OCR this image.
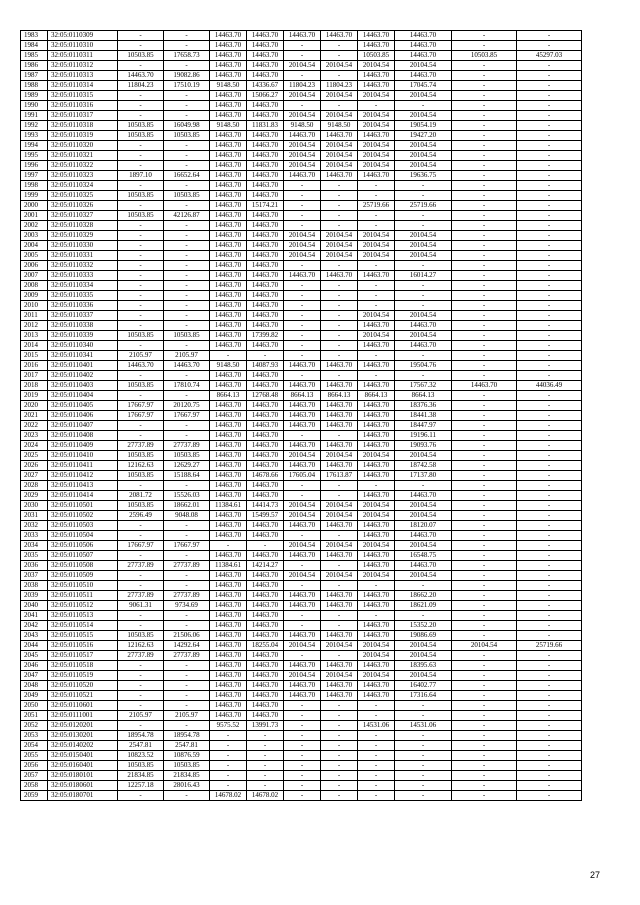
1983	32:05:0110309	-	-	14463.70	14463.70	14463.70	14463.70	14463.70	14463.70	-	-
1984	32:05:0110310	-	-	14463.70	14463.70	-	-	14463.70	14463.70	-	-
1985	32:05:0110311	10503.85	17658.73	14463.70	14463.70	-	-	10503.85	14463.70	10503.85	45297.03
1986	32:05:0110312	-	-	14463.70	14463.70	20104.54	20104.54	20104.54	20104.54	-	-
1987	32:05:0110313	14463.70	19082.86	14463.70	14463.70	-	-	14463.70	14463.70	-	-
1988	32:05:0110314	11804.23	17510.19	9148.50	14336.67	11804.23	11804.23	14463.70	17045.74	-	-
1989	32:05:0110315	-	-	14463.70	15066.27	20104.54	20104.54	20104.54	20104.54	-	-
1990	32:05:0110316	-	-	14463.70	14463.70	-	-	-	-	-	-
1991	32:05:0110317	-	-	14463.70	14463.70	20104.54	20104.54	20104.54	20104.54	-	-
1992	32:05:0110318	10503.85	16049.98	9148.50	11831.83	9148.50	9148.50	20104.54	19054.19	-	-
1993	32:05:0110319	10503.85	10503.85	14463.70	14463.70	14463.70	14463.70	14463.70	19427.20	-	-
1994	32:05:0110320	-	-	14463.70	14463.70	20104.54	20104.54	20104.54	20104.54	-	-
1995	32:05:0110321	-	-	14463.70	14463.70	20104.54	20104.54	20104.54	20104.54	-	-
1996	32:05:0110322	-	-	14463.70	14463.70	20104.54	20104.54	20104.54	20104.54	-	-
1997	32:05:0110323	1897.10	16652.64	14463.70	14463.70	14463.70	14463.70	14463.70	19636.75	-	-
1998	32:05:0110324	-	-	14463.70	14463.70	-	-	-	-	-	-
1999	32:05:0110325	10503.85	10503.85	14463.70	14463.70	-	-	-	-	-	-
2000	32:05:0110326	-	-	14463.70	15174.21	-	-	25719.66	25719.66	-	-
2001	32:05:0110327	10503.85	42126.87	14463.70	14463.70	-	-	-	-	-	-
2002	32:05:0110328	-	-	14463.70	14463.70	-	-	-	-	-	-
2003	32:05:0110329	-	-	14463.70	14463.70	20104.54	20104.54	20104.54	20104.54	-	-
2004	32:05:0110330	-	-	14463.70	14463.70	20104.54	20104.54	20104.54	20104.54	-	-
2005	32:05:0110331	-	-	14463.70	14463.70	20104.54	20104.54	20104.54	20104.54	-	-
2006	32:05:0110332	-	-	14463.70	14463.70	-	-	-	-	-	-
2007	32:05:0110333	-	-	14463.70	14463.70	14463.70	14463.70	14463.70	16014.27	-	-
2008	32:05:0110334	-	-	14463.70	14463.70	-	-	-	-	-	-
2009	32:05:0110335	-	-	14463.70	14463.70	-	-	-	-	-	-
2010	32:05:0110336	-	-	14463.70	14463.70	-	-	-	-	-	-
2011	32:05:0110337	-	-	14463.70	14463.70	-	-	20104.54	20104.54	-	-
2012	32:05:0110338	-	-	14463.70	14463.70	-	-	14463.70	14463.70	-	-
2013	32:05:0110339	10503.85	10503.85	14463.70	17399.82	-	-	20104.54	20104.54	-	-
2014	32:05:0110340	-	-	14463.70	14463.70	-	-	14463.70	14463.70	-	-
2015	32:05:0110341	2105.97	2105.97	-	-	-	-	-	-	-	-
2016	32:05:0110401	14463.70	14463.70	9148.50	14087.93	14463.70	14463.70	14463.70	19504.76	-	-
2017	32:05:0110402	-	-	14463.70	14463.70	-	-	-	-	-	-
2018	32:05:0110403	10503.85	17810.74	14463.70	14463.70	14463.70	14463.70	14463.70	17567.32	14463.70	44036.49
2019	32:05:0110404	-	-	8664.13	12768.48	8664.13	8664.13	8664.13	8664.13	-	-
2020	32:05:0110405	17667.97	20120.75	14463.70	14463.70	14463.70	14463.70	14463.70	18376.36	-	-
2021	32:05:0110406	17667.97	17667.97	14463.70	14463.70	14463.70	14463.70	14463.70	18441.38	-	-
2022	32:05:0110407	-	-	14463.70	14463.70	14463.70	14463.70	14463.70	18447.97	-	-
2023	32:05:0110408	-	-	14463.70	14463.70	-	-	14463.70	19196.11	-	-
2024	32:05:0110409	27737.89	27737.89	14463.70	14463.70	14463.70	14463.70	14463.70	19093.76	-	-
2025	32:05:0110410	10503.85	10503.85	14463.70	14463.70	20104.54	20104.54	20104.54	20104.54	-	-
2026	32:05:0110411	12162.63	12629.27	14463.70	14463.70	14463.70	14463.70	14463.70	18742.58	-	-
2027	32:05:0110412	10503.85	15188.64	14463.70	14678.66	17605.04	17613.87	14463.70	17137.80	-	-
2028	32:05:0110413	-	-	14463.70	14463.70	-	-	-	-	-	-
2029	32:05:0110414	2081.72	15526.03	14463.70	14463.70	-	-	14463.70	14463.70	-	-
2030	32:05:0110501	10503.85	18662.01	11384.61	14414.73	20104.54	20104.54	20104.54	20104.54	-	-
2031	32:05:0110502	2596.49	9048.08	14463.70	15499.57	20104.54	20104.54	20104.54	20104.54	-	-
2032	32:05:0110503	-	-	14463.70	14463.70	14463.70	14463.70	14463.70	18120.07	-	-
2033	32:05:0110504	-	-	14463.70	14463.70	-	-	14463.70	14463.70	-	-
2034	32:05:0110506	17667.97	17667.97	-	-	20104.54	20104.54	20104.54	20104.54	-	-
2035	32:05:0110507	-	-	14463.70	14463.70	14463.70	14463.70	14463.70	16548.75	-	-
2036	32:05:0110508	27737.89	27737.89	11384.61	14214.27	-	-	14463.70	14463.70	-	-
2037	32:05:0110509	-	-	14463.70	14463.70	20104.54	20104.54	20104.54	20104.54	-	-
2038	32:05:0110510	-	-	14463.70	14463.70	-	-	-	-	-	-
2039	32:05:0110511	27737.89	27737.89	14463.70	14463.70	14463.70	14463.70	14463.70	18662.20	-	-
2040	32:05:0110512	9061.31	9734.69	14463.70	14463.70	14463.70	14463.70	14463.70	18621.09	-	-
2041	32:05:0110513	-	-	14463.70	14463.70	-	-	-	-	-	-
2042	32:05:0110514	-	-	14463.70	14463.70	-	-	14463.70	15352.20	-	-
2043	32:05:0110515	10503.85	21506.06	14463.70	14463.70	14463.70	14463.70	14463.70	19086.69	-	-
2044	32:05:0110516	12162.63	14292.64	14463.70	18255.04	20104.54	20104.54	20104.54	20104.54	20104.54	25719.66
2045	32:05:0110517	27737.89	27737.89	14463.70	14463.70	-	-	20104.54	20104.54	-	-
2046	32:05:0110518	-	-	14463.70	14463.70	14463.70	14463.70	14463.70	18395.63	-	-
2047	32:05:0110519	-	-	14463.70	14463.70	20104.54	20104.54	20104.54	20104.54	-	-
2048	32:05:0110520	-	-	14463.70	14463.70	14463.70	14463.70	14463.70	16402.77	-	-
2049	32:05:0110521	-	-	14463.70	14463.70	14463.70	14463.70	14463.70	17316.64	-	-
2050	32:05:0110601	-	-	14463.70	14463.70	-	-	-	-	-	-
2051	32:05:0111001	2105.97	2105.97	14463.70	14463.70	-	-	-	-	-	-
2052	32:05:0120201	-	-	9575.52	13991.73	-	-	14531.06	14531.06	-	-
2053	32:05:0130201	18954.78	18954.78	-	-	-	-	-	-	-	-
2054	32:05:0140202	2547.81	2547.81	-	-	-	-	-	-	-	-
2055	32:05:0150401	10823.52	10876.59	-	-	-	-	-	-	-	-
2056	32:05:0160401	10503.85	10503.85	-	-	-	-	-	-	-	-
2057	32:05:0180101	21834.85	21834.85	-	-	-	-	-	-	-	-
2058	32:05:0180601	12257.18	28016.43	-	-	-	-	-	-	-	-
2059	32:05:0180701	-	-	14678.02	14678.02	-	-	-	-	-	-
27
